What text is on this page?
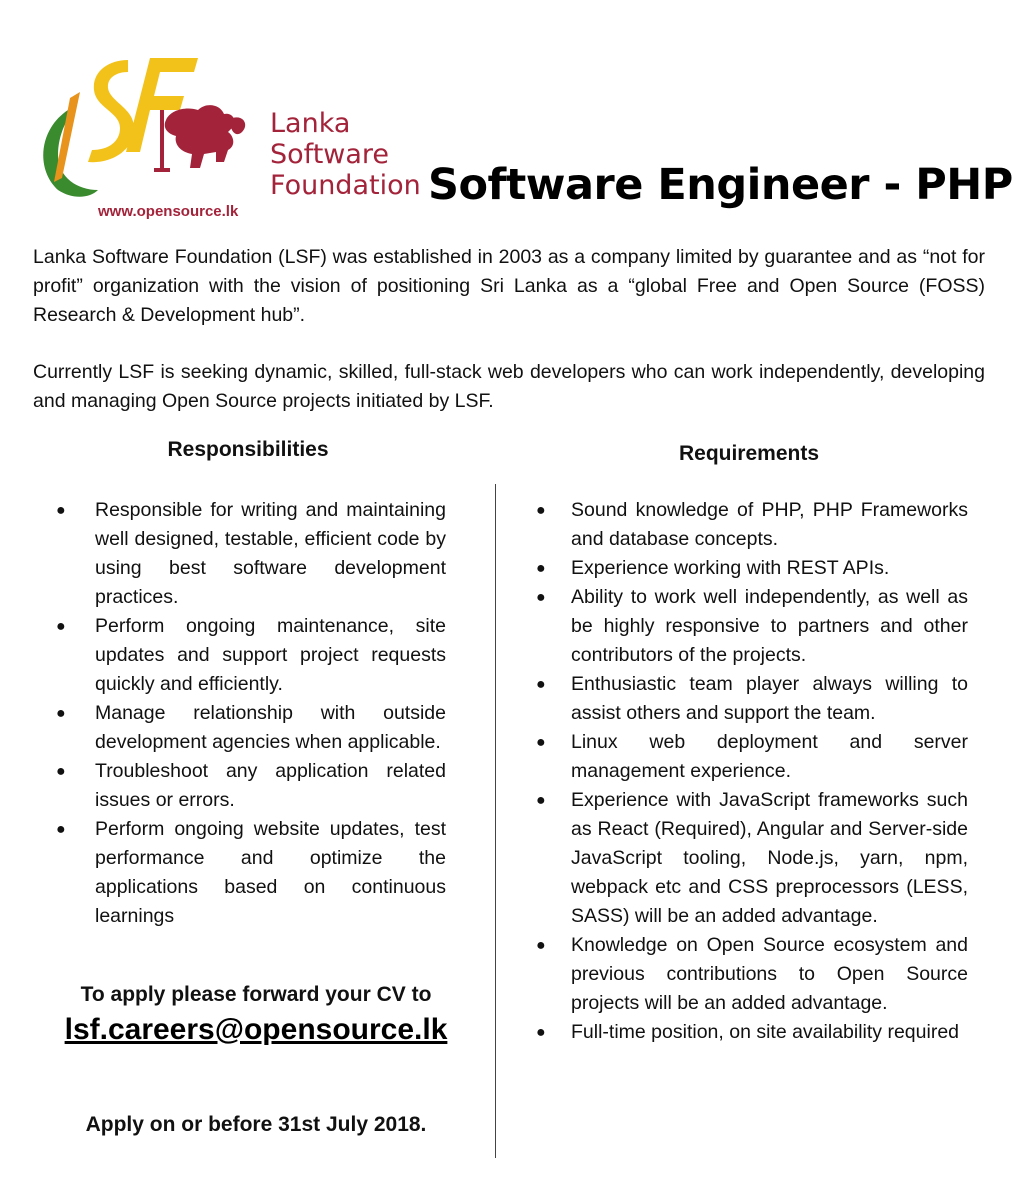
Lanka
Software
Foundation
www.opensource.lk
Software Engineer - PHP

Lanka Software Foundation (LSF) was established in 2003 as a company limited by guarantee and as “not for profit” organization with the vision of positioning Sri Lanka as a “global Free and Open Source (FOSS) Research & Development hub”.

Currently LSF is seeking dynamic, skilled, full-stack web developers who can work independently, developing and managing Open Source projects initiated by LSF.

Responsibilities
● Responsible for writing and maintaining well designed, testable, efficient code by using best software development practices.
● Perform ongoing maintenance, site updates and support project requests quickly and efficiently.
● Manage relationship with outside development agencies when applicable.
● Troubleshoot any application related issues or errors.
● Perform ongoing website updates, test performance and optimize the applications based on continuous learnings
To apply please forward your CV to
lsf.careers@opensource.lk
Apply on or before 31st July 2018.
Requirements
● Sound knowledge of PHP, PHP Frameworks and database concepts.
● Experience working with REST APIs.
● Ability to work well independently, as well as be highly responsive to partners and other contributors of the projects.
● Enthusiastic team player always willing to assist others and support the team.
● Linux web deployment and server management experience.
● Experience with JavaScript frameworks such as React (Required), Angular and Server-side JavaScript tooling, Node.js, yarn, npm, webpack etc and CSS preprocessors (LESS, SASS) will be an added advantage.
● Knowledge on Open Source ecosystem and previous contributions to Open Source projects will be an added advantage.
● Full-time position, on site availability required
